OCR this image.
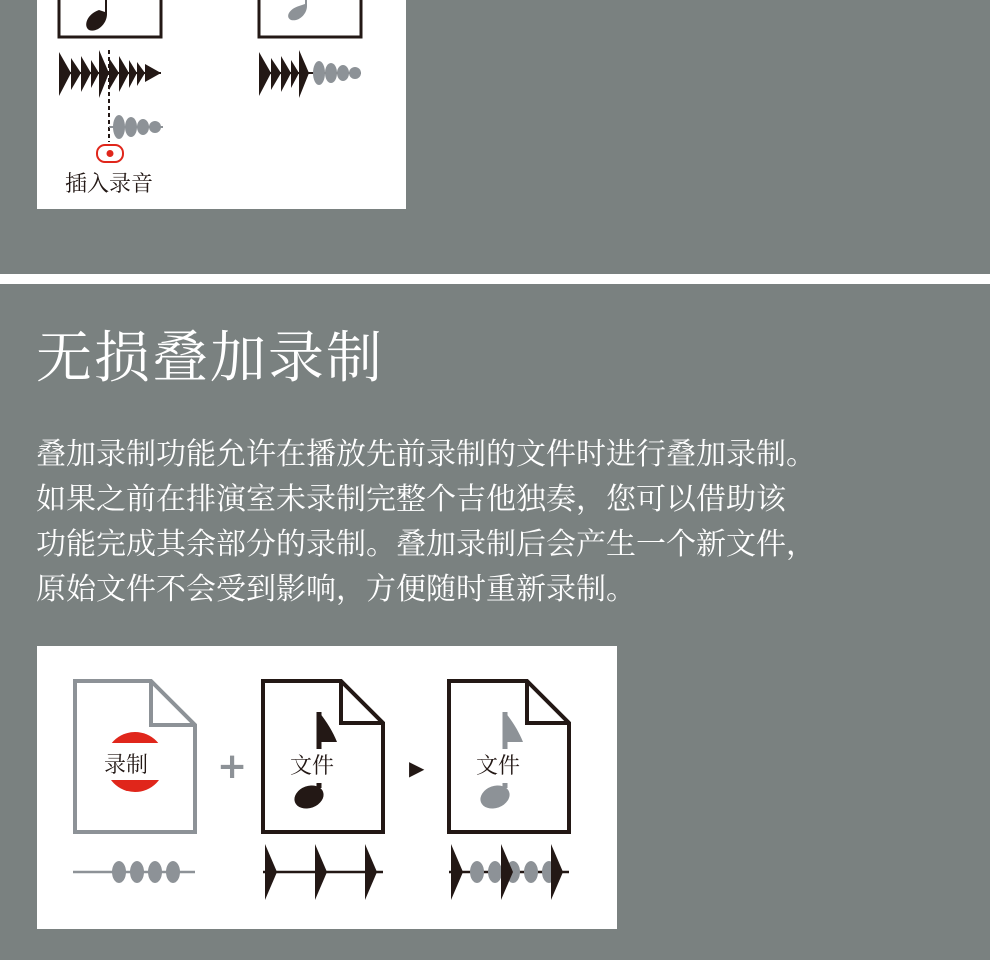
插入录音
无损叠加录制

叠加录制功能允许在播放先前录制的文件时进行叠加录制。
如果之前在排演室未录制完整个吉他独奏，您可以借助该
功能完成其余部分的录制。叠加录制后会产生一个新文件，
原始文件不会受到影响，方便随时重新录制。

录制 + 文件	▶ 文件
